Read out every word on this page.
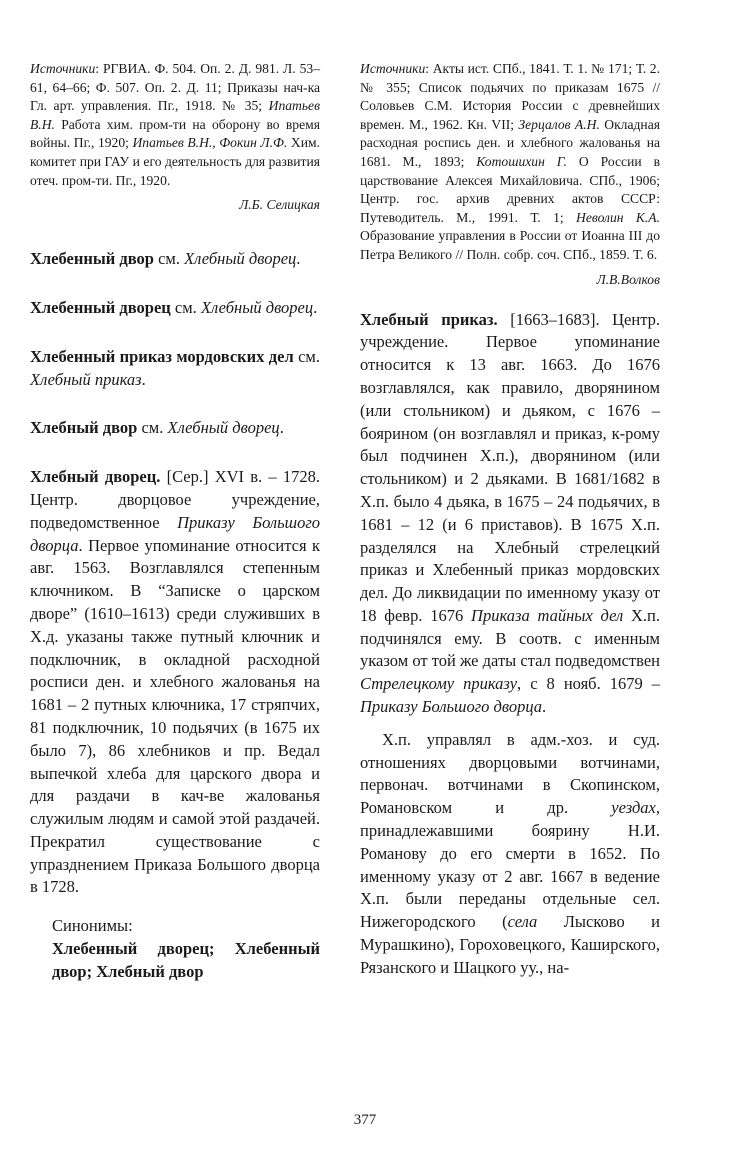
Источники: РГВИА. Ф. 504. Оп. 2. Д. 981. Л. 53–61, 64–66; Ф. 507. Оп. 2. Д. 11; Приказы нач-ка Гл. арт. управления. Пг., 1918. № 35; Ипатьев В.Н. Работа хим. пром-ти на оборону во время войны. Пг., 1920; Ипатьев В.Н., Фокин Л.Ф. Хим. комитет при ГАУ и его деятельность для развития отеч. пром-ти. Пг., 1920.

Л.Б. Селицкая

Хлебенный двор см. Хлебный дворец.

Хлебенный дворец см. Хлебный дворец.

Хлебенный приказ мордовских дел см. Хлебный приказ.

Хлебный двор см. Хлебный дворец.

Хлебный дворец. [Сер.] XVI в. – 1728. Центр. дворцовое учреждение, подведомственное Приказу Большого дворца. Первое упоминание относится к авг. 1563. Возглавлялся степенным ключником. В “Записке о царском дворе” (1610–1613) среди служивших в Х.д. указаны также путный ключник и подключник, в окладной расходной росписи ден. и хлебного жалованья на 1681 – 2 путных ключника, 17 стряпчих, 81 подключник, 10 подьячих (в 1675 их было 7), 86 хлебников и пр. Ведал выпечкой хлеба для царского двора и для раздачи в кач-ве жалованья служилым людям и самой этой раздачей. Прекратил существование с упразднением Приказа Большого дворца в 1728.

Синонимы:

Хлебенный дворец; Хлебенный двор; Хлебный двор

Источники: Акты ист. СПб., 1841. Т. 1. № 171; Т. 2. № 355; Список подьячих по приказам 1675 // Соловьев С.М. История России с древнейших времен. М., 1962. Кн. VII; Зерцалов А.Н. Окладная расходная роспись ден. и хлебного жалованья на 1681. М., 1893; Котошихин Г. О России в царствование Алексея Михайловича. СПб., 1906; Центр. гос. архив древних актов СССР: Путеводитель. М., 1991. Т. 1; Неволин К.А. Образование управления в России от Иоанна III до Петра Великого // Полн. собр. соч. СПб., 1859. Т. 6.

Л.В.Волков

Хлебный приказ. [1663–1683]. Центр. учреждение. Первое упоминание относится к 13 авг. 1663. До 1676 возглавлялся, как правило, дворянином (или стольником) и дьяком, с 1676 – боярином (он возглавлял и приказ, к-рому был подчинен Х.п.), дворянином (или стольником) и 2 дьяками. В 1681/1682 в Х.п. было 4 дьяка, в 1675 – 24 подьячих, в 1681 – 12 (и 6 приставов). В 1675 Х.п. разделялся на Хлебный стрелецкий приказ и Хлебенный приказ мордовских дел. До ликвидации по именному указу от 18 февр. 1676 Приказа тайных дел Х.п. подчинялся ему. В соотв. с именным указом от той же даты стал подведомствен Стрелецкому приказу, с 8 нояб. 1679 – Приказу Большого дворца.

Х.п. управлял в адм.-хоз. и суд. отношениях дворцовыми вотчинами, первонач. вотчинами в Скопинском, Романовском и др. уездах, принадлежавшими боярину Н.И. Романову до его смерти в 1652. По именному указу от 2 авг. 1667 в ведение Х.п. были переданы отдельные сел. Нижегородского (села Лысково и Мурашкино), Гороховецкого, Каширского, Рязанского и Шацкого уу., на-

377
